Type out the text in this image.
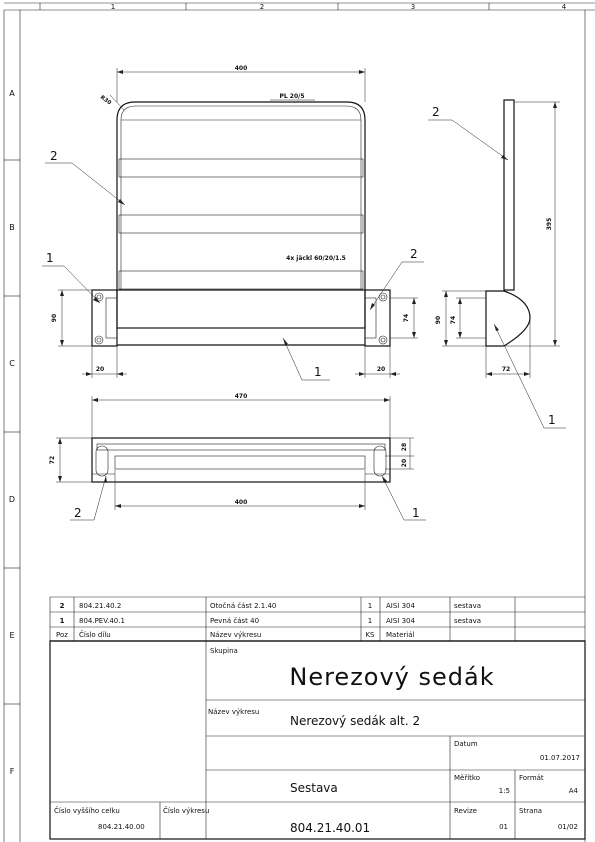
1	2	3	4
A
B
C
D
E
F
400
R30	PL 20/5
4x jäckl 60/20/1.5
2
1	2
1
90	74
20	20
395
90 74
72
2
1
470
400
72
28
20
2	1
2 804.21.40.2	Otočná část 2.1.40	1 AISI 304	sestava
1 804.PEV.40.1	Pevná část 40	1 AISI 304	sestava
Poz Číslo dílu	Název výkresu	KS Materiál
Skupina
Nerezový sedák
Název výkresu
Nerezový sedák alt. 2
Datum
01.07.2017
Měřítko
1:5
Formát
A4
Sestava
Číslo vyššího celku
804.21.40.00
Číslo výkresu
804.21.40.01
Revize
01
Strana
01/02
